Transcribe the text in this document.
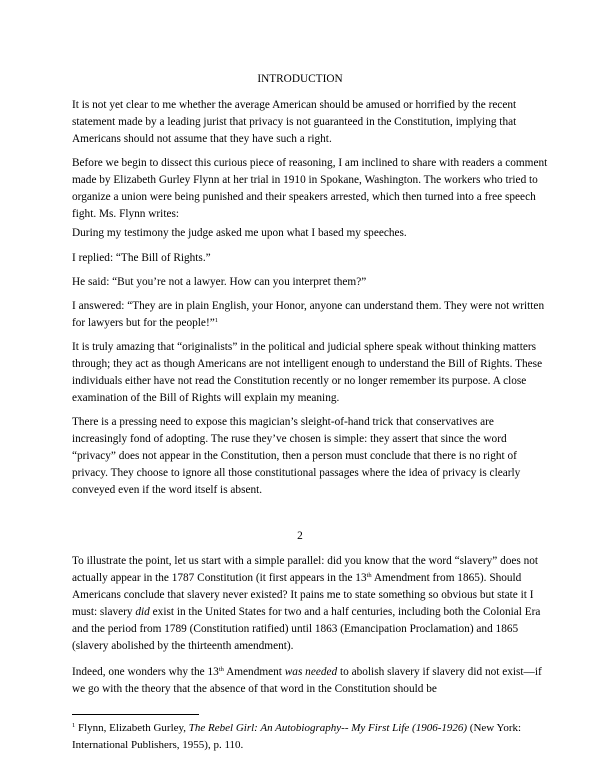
INTRODUCTION
It is not yet clear to me whether the average American should be amused or horrified by the recent statement made by a leading jurist that privacy is not guaranteed in the Constitution, implying that Americans should not assume that they have such a right.
Before we begin to dissect this curious piece of reasoning, I am inclined to share with readers a comment made by Elizabeth Gurley Flynn at her trial in 1910 in Spokane, Washington. The workers who tried to organize a union were being punished and their speakers arrested, which then turned into a free speech fight. Ms. Flynn writes:
During my testimony the judge asked me upon what I based my speeches.
I replied: “The Bill of Rights.”
He said: “But you’re not a lawyer. How can you interpret them?”
I answered: “They are in plain English, your Honor, anyone can understand them. They were not written for lawyers but for the people!”$^1$
It is truly amazing that “originalists” in the political and judicial sphere speak without thinking matters through; they act as though Americans are not intelligent enough to understand the Bill of Rights. These individuals either have not read the Constitution recently or no longer remember its purpose. A close examination of the Bill of Rights will explain my meaning.
There is a pressing need to expose this magician’s sleight-of-hand trick that conservatives are increasingly fond of adopting. The ruse they’ve chosen is simple: they assert that since the word “privacy” does not appear in the Constitution, then a person must conclude that there is no right of privacy. They choose to ignore all those constitutional passages where the idea of privacy is clearly conveyed even if the word itself is absent.
2
To illustrate the point, let us start with a simple parallel: did you know that the word “slavery” does not actually appear in the 1787 Constitution (it first appears in the 13th Amendment from 1865). Should Americans conclude that slavery never existed? It pains me to state something so obvious but state it I must: slavery did exist in the United States for two and a half centuries, including both the Colonial Era and the period from 1789 (Constitution ratified) until 1863 (Emancipation Proclamation) and 1865 (slavery abolished by the thirteenth amendment).
Indeed, one wonders why the 13th Amendment was needed to abolish slavery if slavery did not exist—if we go with the theory that the absence of that word in the Constitution should be
$^1$ Flynn, Elizabeth Gurley, The Rebel Girl: An Autobiography-- My First Life (1906-1926) (New York: International Publishers, 1955), p. 110.
